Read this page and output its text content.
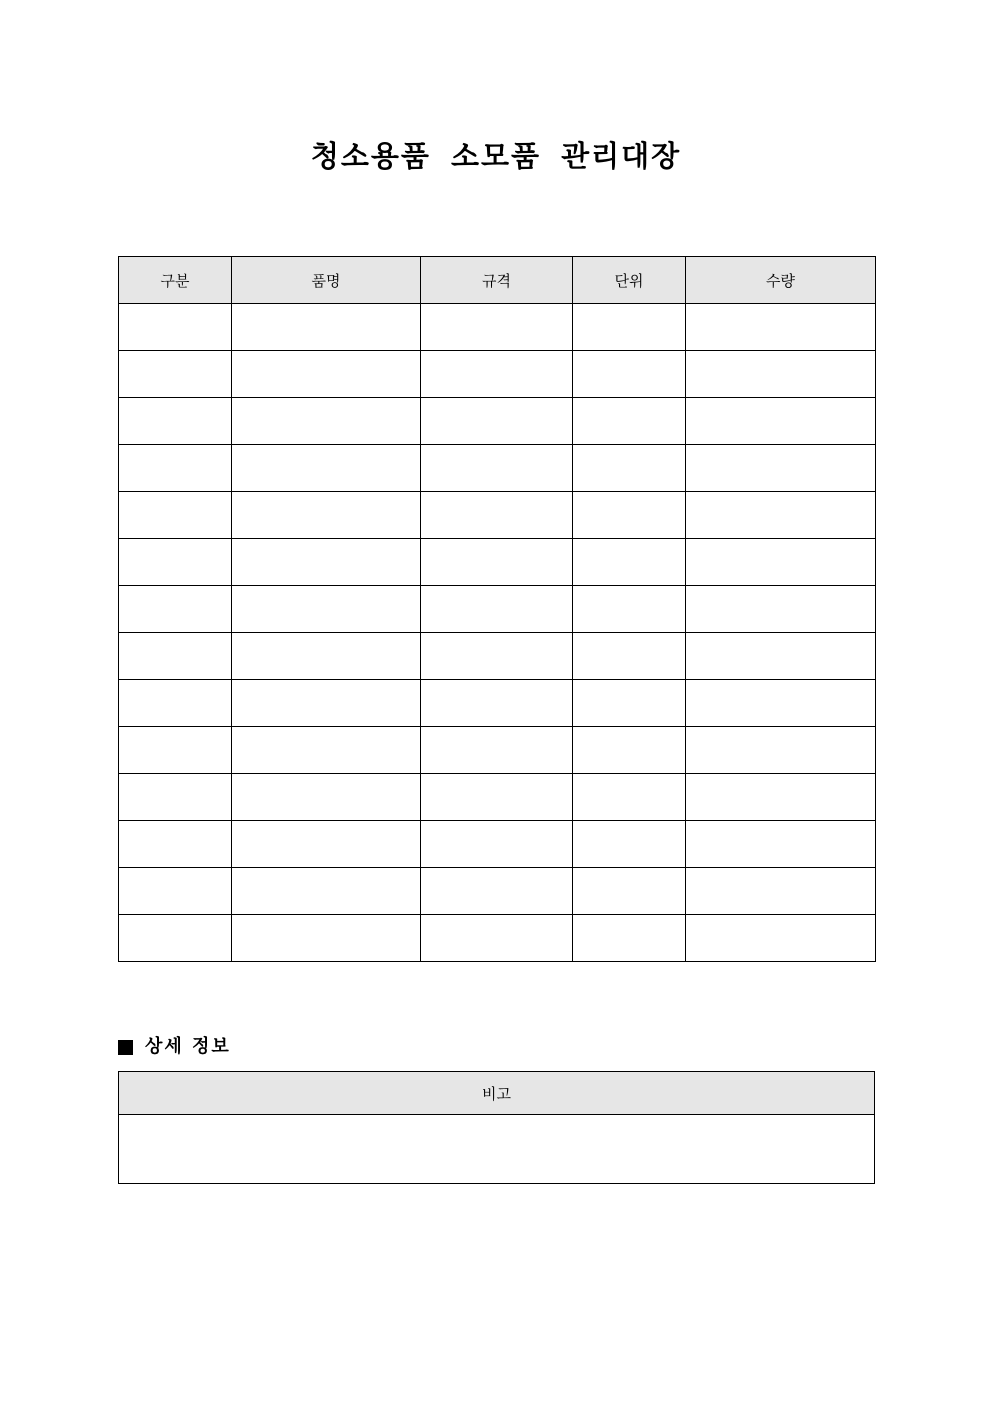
청소용품 소모품 관리대장
구분	품명	규격	단위	수량

상세 정보
비고
